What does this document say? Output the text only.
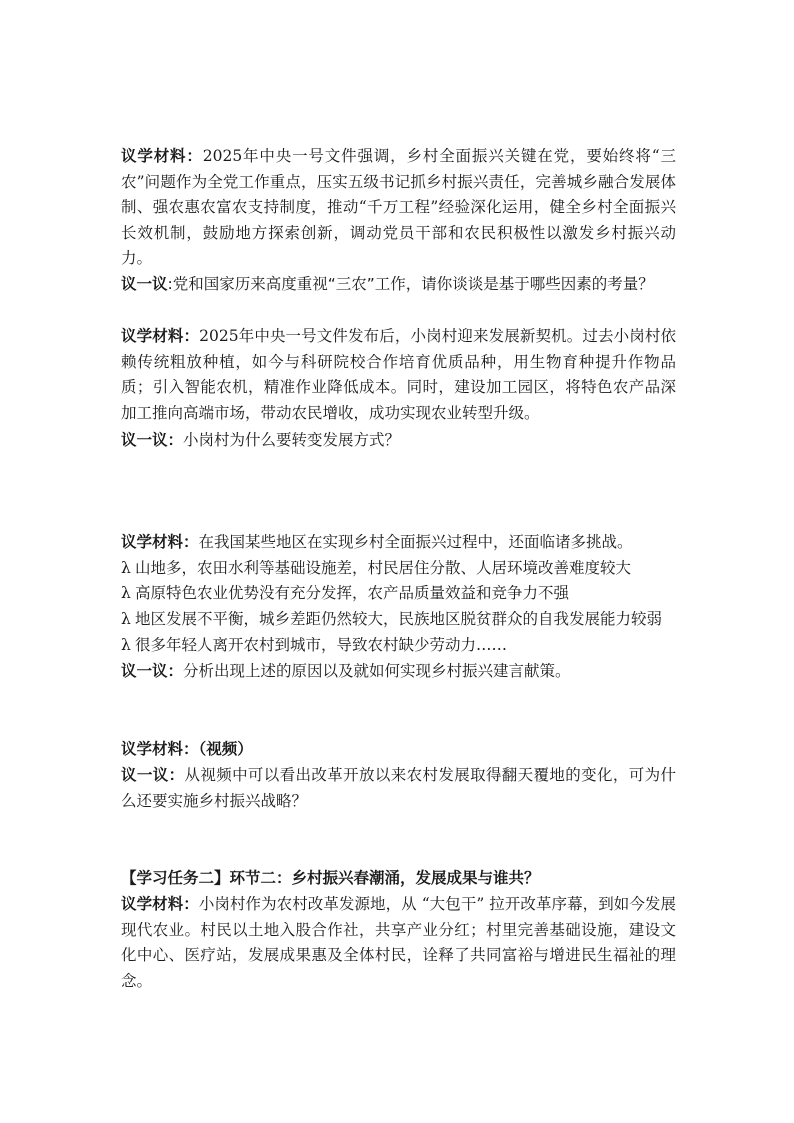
议学材料：2025年中央一号文件强调，乡村全面振兴关键在党，要始终将“三农”问题作为全党工作重点，压实五级书记抓乡村振兴责任，完善城乡融合发展体制、强农惠农富农支持制度，推动“千万工程”经验深化运用，健全乡村全面振兴长效机制，鼓励地方探索创新，调动党员干部和农民积极性以激发乡村振兴动力。

议一议:党和国家历来高度重视“三农”工作，请你谈谈是基于哪些因素的考量？

议学材料：2025年中央一号文件发布后，小岗村迎来发展新契机。过去小岗村依赖传统粗放种植，如今与科研院校合作培育优质品种，用生物育种提升作物品质；引入智能农机，精准作业降低成本。同时，建设加工园区，将特色农产品深加工推向高端市场，带动农民增收，成功实现农业转型升级。

议一议：小岗村为什么要转变发展方式？

议学材料：在我国某些地区在实现乡村全面振兴过程中，还面临诸多挑战。

λ 山地多，农田水利等基础设施差，村民居住分散、人居环境改善难度较大

λ 高原特色农业优势没有充分发挥，农产品质量效益和竞争力不强

λ 地区发展不平衡，城乡差距仍然较大，民族地区脱贫群众的自我发展能力较弱

λ 很多年轻人离开农村到城市，导致农村缺少劳动力……

议一议：分析出现上述的原因以及就如何实现乡村振兴建言献策。

议学材料：（视频）

议一议：从视频中可以看出改革开放以来农村发展取得翻天覆地的变化，可为什么还要实施乡村振兴战略？

【学习任务二】环节二：乡村振兴春潮涌，发展成果与谁共？

议学材料：小岗村作为农村改革发源地，从 “大包干” 拉开改革序幕，到如今发展现代农业。村民以土地入股合作社，共享产业分红；村里完善基础设施，建设文化中心、医疗站，发展成果惠及全体村民，诠释了共同富裕与增进民生福祉的理念。
